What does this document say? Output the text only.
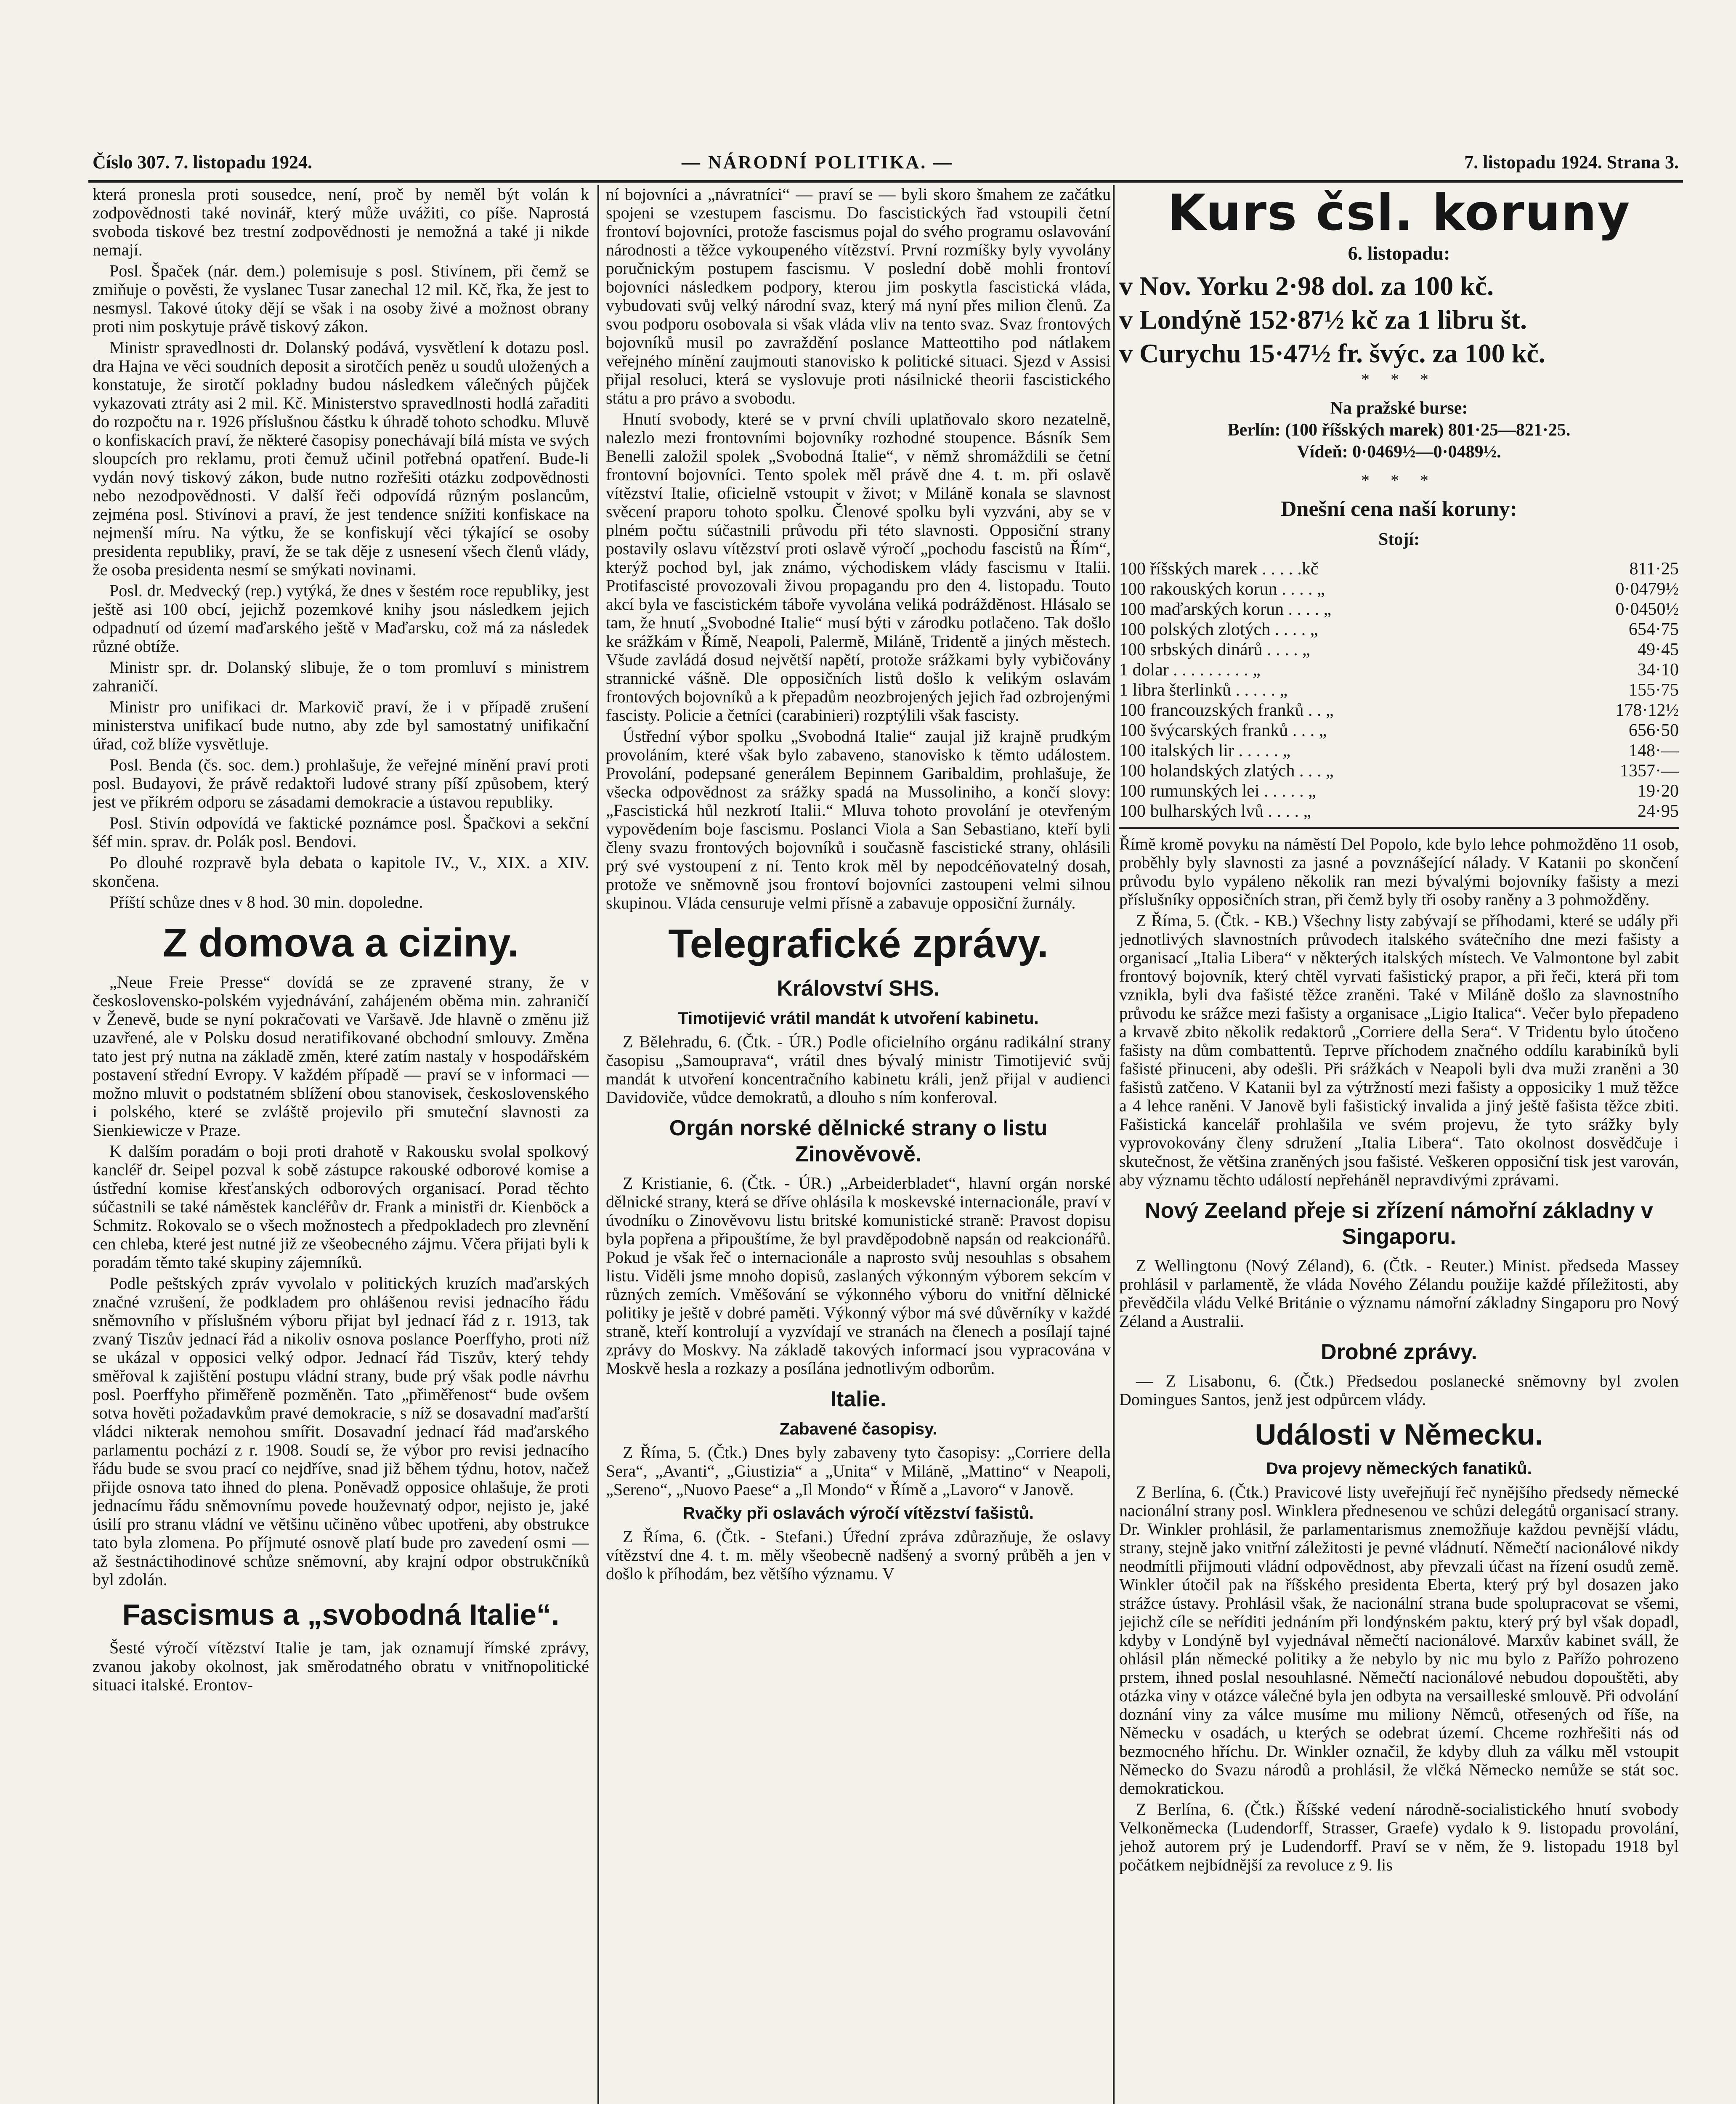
Číslo 307. 7. listopadu 1924.	— NÁRODNÍ POLITIKA. —	7. listopadu 1924. Strana 3.

která pronesla proti sousedce, není, proč by neměl být volán k zodpovědnosti také novinář, který může uvážiti, co píše. Naprostá svoboda tiskové bez trestní zodpovědnosti je nemožná a také ji nikde nemají.

Posl. Špaček (nár. dem.) polemisuje s posl. Stivínem, při čemž se zmiňuje o pověsti, že vyslanec Tusar zanechal 12 mil. Kč, řka, že jest to nesmysl. Takové útoky dějí se však i na osoby živé a možnost obrany proti nim poskytuje právě tiskový zákon.

Ministr spravedlnosti dr. Dolanský podává, vysvětlení k dotazu posl. dra Hajna ve věci soudních deposit a sirotčích peněz u soudů uložených a konstatuje, že sirotčí pokladny budou následkem válečných půjček vykazovati ztráty asi 2 mil. Kč. Ministerstvo spravedlnosti hodlá zařaditi do rozpočtu na r. 1926 příslušnou částku k úhradě tohoto schodku. Mluvě o konfiskacích praví, že některé časopisy ponechávají bílá místa ve svých sloupcích pro reklamu, proti čemuž učinil potřebná opatření. Bude-li vydán nový tiskový zákon, bude nutno rozřešiti otázku zodpovědnosti nebo nezodpovědnosti. V další řeči odpovídá různým poslancům, zejména posl. Stivínovi a praví, že jest tendence snížiti konfiskace na nejmenší míru. Na výtku, že se konfiskují věci týkající se osoby presidenta republiky, praví, že se tak děje z usnesení všech členů vlády, že osoba presidenta nesmí se smýkati novinami.

Posl. dr. Medvecký (rep.) vytýká, že dnes v šestém roce republiky, jest ještě asi 100 obcí, jejichž pozemkové knihy jsou následkem jejich odpadnutí od území maďarského ještě v Maďarsku, což má za následek různé obtíže.

Ministr spr. dr. Dolanský slibuje, že o tom promluví s ministrem zahraničí.

Ministr pro unifikaci dr. Markovič praví, že i v případě zrušení ministerstva unifikací bude nutno, aby zde byl samostatný unifikační úřad, což blíže vysvětluje.

Posl. Benda (čs. soc. dem.) prohlašuje, že veřejné mínění praví proti posl. Budayovi, že právě redaktoři ludové strany píší způsobem, který jest ve příkrém odporu se zásadami demokracie a ústavou republiky.

Posl. Stivín odpovídá ve faktické poznámce posl. Špačkovi a sekční šéf min. sprav. dr. Polák posl. Bendovi.

Po dlouhé rozpravě byla debata o kapitole IV., V., XIX. a XIV. skončena.

Příští schůze dnes v 8 hod. 30 min. dopoledne.

Z domova a ciziny.

„Neue Freie Presse“ dovídá se ze zpravené strany, že v československo-polském vyjednávání, zahájeném oběma min. zahraničí v Ženevě, bude se nyní pokračovati ve Varšavě. Jde hlavně o změnu již uzavřené, ale v Polsku dosud neratifikované obchodní smlouvy. Změna tato jest prý nutna na základě změn, které zatím nastaly v hospodářském postavení střední Evropy. V každém případě — praví se v informaci — možno mluvit o podstatném sblížení obou stanovisek, československého i polského, které se zvláště projevilo při smuteční slavnosti za Sienkiewicze v Praze.

K dalším poradám o boji proti drahotě v Rakousku svolal spolkový kancléř dr. Seipel pozval k sobě zástupce rakouské odborové komise a ústřední komise křesťanských odborových organisací. Porad těchto súčastnili se také náměstek kancléřův dr. Frank a ministři dr. Kienböck a Schmitz. Rokovalo se o všech možnostech a předpokladech pro zlevnění cen chleba, které jest nutné již ze všeobecného zájmu. Včera přijati byli k poradám těmto také skupiny zájemníků.

Podle peštských zpráv vyvolalo v politických kruzích maďarských značné vzrušení, že podkladem pro ohlášenou revisi jednacího řádu sněmovního v příslušném výboru přijat byl jednací řád z r. 1913, tak zvaný Tiszův jednací řád a nikoliv osnova poslance Poerffyho, proti níž se ukázal v opposici velký odpor. Jednací řád Tiszův, který tehdy směřoval k zajištění postupu vládní strany, bude prý však podle návrhu posl. Poerffyho přiměřeně pozměněn. Tato „přiměřenost“ bude ovšem sotva hověti požadavkům pravé demokracie, s níž se dosavadní maďarští vládci nikterak nemohou smířit. Dosavadní jednací řád maďarského parlamentu pochází z r. 1908. Soudí se, že výbor pro revisi jednacího řádu bude se svou prací co nejdříve, snad již během týdnu, hotov, načež přijde osnova tato ihned do plena. Poněvadž opposice ohlašuje, že proti jednacímu řádu sněmovnímu povede houževnatý odpor, nejisto je, jaké úsilí pro stranu vládní ve většinu učiněno vůbec upotřeni, aby obstrukce tato byla zlomena. Po příjmuté osnově platí bude pro zavedení osmi — až šestnáctihodinové schůze sněmovní, aby krajní odpor obstrukčníků byl zdolán.

Fascismus a „svobodná Italie“.

Šesté výročí vítězství Italie je tam, jak oznamují římské zprávy, zvanou jakoby okolnost, jak směrodatného obratu v vnitřnopolitické situaci italské. Erontov-

ní bojovníci a „návratníci“ — praví se — byli skoro šmahem ze začátku spojeni se vzestupem fascismu. Do fascistických řad vstoupili četní frontoví bojovníci, protože fascismus pojal do svého programu oslavování národnosti a těžce vykoupeného vítězství. První rozmíšky byly vyvolány poručnickým postupem fascismu. V poslední době mohli frontoví bojovníci následkem podpory, kterou jim poskytla fascistická vláda, vybudovati svůj velký národní svaz, který má nyní přes milion členů. Za svou podporu osobovala si však vláda vliv na tento svaz. Svaz frontových bojovníků musil po zavraždění poslance Matteottiho pod nátlakem veřejného mínění zaujmouti stanovisko k politické situaci. Sjezd v Assisi přijal resoluci, která se vyslovuje proti násilnické theorii fascistického státu a pro právo a svobodu.

Hnutí svobody, které se v první chvíli uplatňovalo skoro nezatelně, nalezlo mezi frontovními bojovníky rozhodné stoupence. Básník Sem Benelli založil spolek „Svobodná Italie“, v němž shromáždili se četní frontovní bojovníci. Tento spolek měl právě dne 4. t. m. při oslavě vítězství Italie, oficielně vstoupit v život; v Miláně konala se slavnost svěcení praporu tohoto spolku. Členové spolku byli vyzváni, aby se v plném počtu súčastnili průvodu při této slavnosti. Opposiční strany postavily oslavu vítězství proti oslavě výročí „pochodu fascistů na Řím“, kterýž pochod byl, jak známo, východiskem vlády fascismu v Italii. Protifascisté provozovali živou propagandu pro den 4. listopadu. Touto akcí byla ve fascistickém táboře vyvolána veliká podrážděnost. Hlásalo se tam, že hnutí „Svobodné Italie“ musí býti v zárodku potlačeno. Tak došlo ke srážkám v Římě, Neapoli, Palermě, Miláně, Tridentě a jiných městech. Všude zavládá dosud největší napětí, protože srážkami byly vybičovány strannické vášně. Dle opposičních listů došlo k velikým oslavám frontových bojovníků a k přepadům neozbrojených jejich řad ozbrojenými fascisty. Policie a četníci (carabinieri) rozptýlili však fascisty.

Ústřední výbor spolku „Svobodná Italie“ zaujal již krajně prudkým provoláním, které však bylo zabaveno, stanovisko k těmto událostem. Provolání, podepsané generálem Bepinnem Garibaldim, prohlašuje, že všecka odpovědnost za srážky spadá na Mussoliniho, a končí slovy: „Fascistická hůl nezkrotí Italii.“ Mluva tohoto provolání je otevřeným vypovědením boje fascismu. Poslanci Viola a San Sebastiano, kteří byli členy svazu frontových bojovníků i současně fascistické strany, ohlásili prý své vystoupení z ní. Tento krok měl by nepodcéňovatelný dosah, protože ve sněmovně jsou frontoví bojovníci zastoupeni velmi silnou skupinou. Vláda censuruje velmi přísně a zabavuje opposiční žurnály.

Telegrafické zprávy.
Království SHS.
Timotijević vrátil mandát k utvoření kabinetu.

Z Bělehradu, 6. (Čtk. - ÚR.) Podle oficielního orgánu radikální strany časopisu „Samouprava“, vrátil dnes bývalý ministr Timotijević svůj mandát k utvoření koncentračního kabinetu králi, jenž přijal v audienci Davidoviče, vůdce demokratů, a dlouho s ním konferoval.

Orgán norské dělnické strany o listu Zinověvově.

Z Kristianie, 6. (Čtk. - ÚR.) „Arbeiderbladet“, hlavní orgán norské dělnické strany, která se dříve ohlásila k moskevské internacionále, praví v úvodníku o Zinověvovu listu britské komunistické straně: Pravost dopisu byla popřena a připouštíme, že byl pravděpodobně napsán od reakcionářů. Pokud je však řeč o internacionále a naprosto svůj nesouhlas s obsahem listu. Viděli jsme mnoho dopisů, zaslaných výkonným výborem sekcím v různých zemích. Vměšování se výkonného výboru do vnitřní dělnické politiky je ještě v dobré paměti. Výkonný výbor má své důvěrníky v každé straně, kteří kontrolují a vyzvídají ve stranách na členech a posílají tajné zprávy do Moskvy. Na základě takových informací jsou vypracována v Moskvě hesla a rozkazy a posílána jednotlivým odborům.

Italie.
Zabavené časopisy.

Z Říma, 5. (Čtk.) Dnes byly zabaveny tyto časopisy: „Corriere della Sera“, „Avanti“, „Giustizia“ a „Unita“ v Miláně, „Mattino“ v Neapoli, „Sereno“, „Nuovo Paese“ a „Il Mondo“ v Římě a „Lavoro“ v Janově.

Rvačky při oslavách výročí vítězství fašistů.

Z Říma, 6. (Čtk. - Stefani.) Úřední zpráva zdůrazňuje, že oslavy vítězství dne 4. t. m. měly všeobecně nadšený a svorný průběh a jen v došlo k příhodám, bez většího významu. V

Kurs čsl. koruny
6. listopadu:
v Nov. Yorku 2·98 dol. za 100 kč.
v Londýně 152·87½ kč za 1 libru št.
v Curychu 15·47½ fr. švýc. za 100 kč.
* * *
Na pražské burse:
Berlín: (100 říšských marek) 801·25—821·25.
Vídeň: 0·0469½—0·0489½.
* * *
Dnešní cena naší koruny:
Stojí:
100 říšských marek . . . . .kč	811·25
100 rakouských korun . . . . „	0·0479½
100 maďarských korun . . . . „	0·0450½
100 polských zlotých . . . . „	654·75
100 srbských dinárů . . . . „	49·45
1 dolar . . . . . . . . . „	34·10
1 libra šterlinků . . . . . „	155·75
100 francouzských franků . . „	178·12½
100 švýcarských franků . . . „	656·50
100 italských lir . . . . . „	148·—
100 holandských zlatých . . . „	1357·—
100 rumunských lei . . . . . „	19·20
100 bulharských lvů . . . . „	24·95

Římě kromě povyku na náměstí Del Popolo, kde bylo lehce pohmožděno 11 osob, proběhly byly slavnosti za jasné a povznášející nálady. V Katanii po skončení průvodu bylo vypáleno několik ran mezi bývalými bojovníky fašisty a mezi příslušníky opposičních stran, při čemž byly tři osoby raněny a 3 pohmožděny.

Z Říma, 5. (Čtk. - KB.) Všechny listy zabývají se příhodami, které se udály při jednotlivých slavnostních průvodech italského svátečního dne mezi fašisty a organisací „Italia Libera“ v některých italských místech. Ve Valmontone byl zabit frontový bojovník, který chtěl vyrvati fašistický prapor, a při řeči, která při tom vznikla, byli dva fašisté těžce zraněni. Také v Miláně došlo za slavnostního průvodu ke srážce mezi fašisty a organisace „Ligio Italica“. Večer bylo přepadeno a krvavě zbito několik redaktorů „Corriere della Sera“. V Tridentu bylo útočeno fašisty na dům combattentů. Teprve příchodem značného oddílu karabiníků byli fašisté přinuceni, aby odešli. Při srážkách v Neapoli byli dva muži zraněni a 30 fašistů zatčeno. V Katanii byl za výtržností mezi fašisty a opposiciky 1 muž těžce a 4 lehce raněni. V Janově byli fašistický invalida a jiný ještě fašista těžce zbiti. Fašistická kancelář prohlašila ve svém projevu, že tyto srážky byly vyprovokovány členy sdružení „Italia Libera“. Tato okolnost dosvědčuje i skutečnost, že většina zraněných jsou fašisté. Veškeren opposiční tisk jest varován, aby významu těchto událostí nepřeháněl nepravdivými zprávami.

Nový Zeeland přeje si zřízení námořní základny v Singaporu.

Z Wellingtonu (Nový Zéland), 6. (Čtk. - Reuter.) Minist. předseda Massey prohlásil v parlamentě, že vláda Nového Zélandu použije každé příležitosti, aby převědčila vládu Velké Británie o významu námořní základny Singaporu pro Nový Zéland a Australii.

Drobné zprávy.

— Z Lisabonu, 6. (Čtk.) Předsedou poslanecké sněmovny byl zvolen Domingues Santos, jenž jest odpůrcem vlády.

Události v Německu.
Dva projevy německých fanatiků.

Z Berlína, 6. (Čtk.) Pravicové listy uveřejňují řeč nynějšího předsedy německé nacionální strany posl. Winklera přednesenou ve schůzi delegátů organisací strany. Dr. Winkler prohlásil, že parlamentarismus znemožňuje každou pevnější vládu, strany, stejně jako vnitřní záležitosti je pevné vládnutí. Němečtí nacionálové nikdy neodmítli přijmouti vládní odpovědnost, aby převzali účast na řízení osudů země. Winkler útočil pak na říšského presidenta Eberta, který prý byl dosazen jako strážce ústavy. Prohlásil však, že nacionální strana bude spolupracovat se všemi, jejichž cíle se neříditi jednáním při londýnském paktu, který prý byl však dopadl, kdyby v Londýně byl vyjednával němečtí nacionálové. Marxův kabinet sváll, že ohlásil plán německé politiky a že nebylo by nic mu bylo z Pařížo pohrozeno prstem, ihned poslal nesouhlasné. Němečtí nacionálové nebudou dopouštěti, aby otázka viny v otázce válečné byla jen odbyta na versailleské smlouvě. Při odvolání doznání viny za válce musíme mu miliony Němců, otřesených od říše, na Německu v osadách, u kterých se odebrat území. Chceme rozhřešiti nás od bezmocného hříchu. Dr. Winkler označil, že kdyby dluh za válku měl vstoupit Německo do Svazu národů a prohlásil, že vlčká Německo nemůže se stát soc. demokratickou.

Z Berlína, 6. (Čtk.) Říšské vedení národně-socialistického hnutí svobody Velkoněmecka (Ludendorff, Strasser, Graefe) vydalo k 9. listopadu provolání, jehož autorem prý je Ludendorff. Praví se v něm, že 9. listopadu 1918 byl počátkem nejbídnější za revoluce z 9. lis
